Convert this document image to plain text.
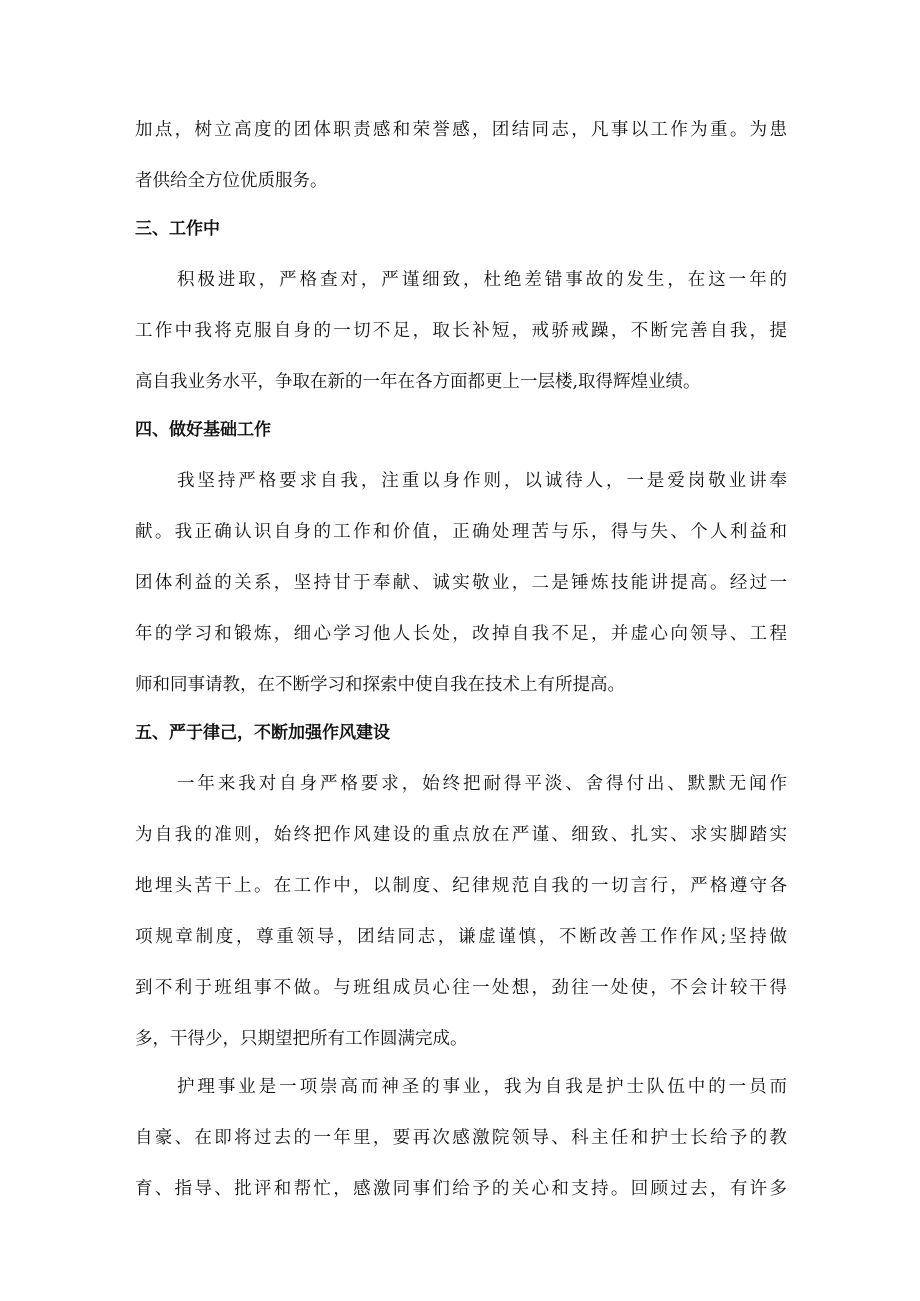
加点，树立高度的团体职责感和荣誉感，团结同志，凡事以工作为重。为患
者供给全方位优质服务。
三、工作中
积极进取，严格查对，严谨细致，杜绝差错事故的发生，在这一年的
工作中我将克服自身的一切不足，取长补短，戒骄戒躁，不断完善自我，提
高自我业务水平，争取在新的一年在各方面都更上一层楼,取得辉煌业绩。
四、做好基础工作
我坚持严格要求自我，注重以身作则，以诚待人，一是爱岗敬业讲奉
献。我正确认识自身的工作和价值，正确处理苦与乐，得与失、个人利益和
团体利益的关系，坚持甘于奉献、诚实敬业，二是锤炼技能讲提高。经过一
年的学习和锻炼，细心学习他人长处，改掉自我不足，并虚心向领导、工程
师和同事请教，在不断学习和探索中使自我在技术上有所提高。
五、严于律己，不断加强作风建设
一年来我对自身严格要求，始终把耐得平淡、舍得付出、默默无闻作
为自我的准则，始终把作风建设的重点放在严谨、细致、扎实、求实脚踏实
地埋头苦干上。在工作中，以制度、纪律规范自我的一切言行，严格遵守各
项规章制度，尊重领导，团结同志，谦虚谨慎，不断改善工作作风;坚持做
到不利于班组事不做。与班组成员心往一处想，劲往一处使，不会计较干得
多，干得少，只期望把所有工作圆满完成。
护理事业是一项崇高而神圣的事业，我为自我是护士队伍中的一员而
自豪、在即将过去的一年里，要再次感激院领导、科主任和护士长给予的教
育、指导、批评和帮忙，感激同事们给予的关心和支持。回顾过去，有许多
